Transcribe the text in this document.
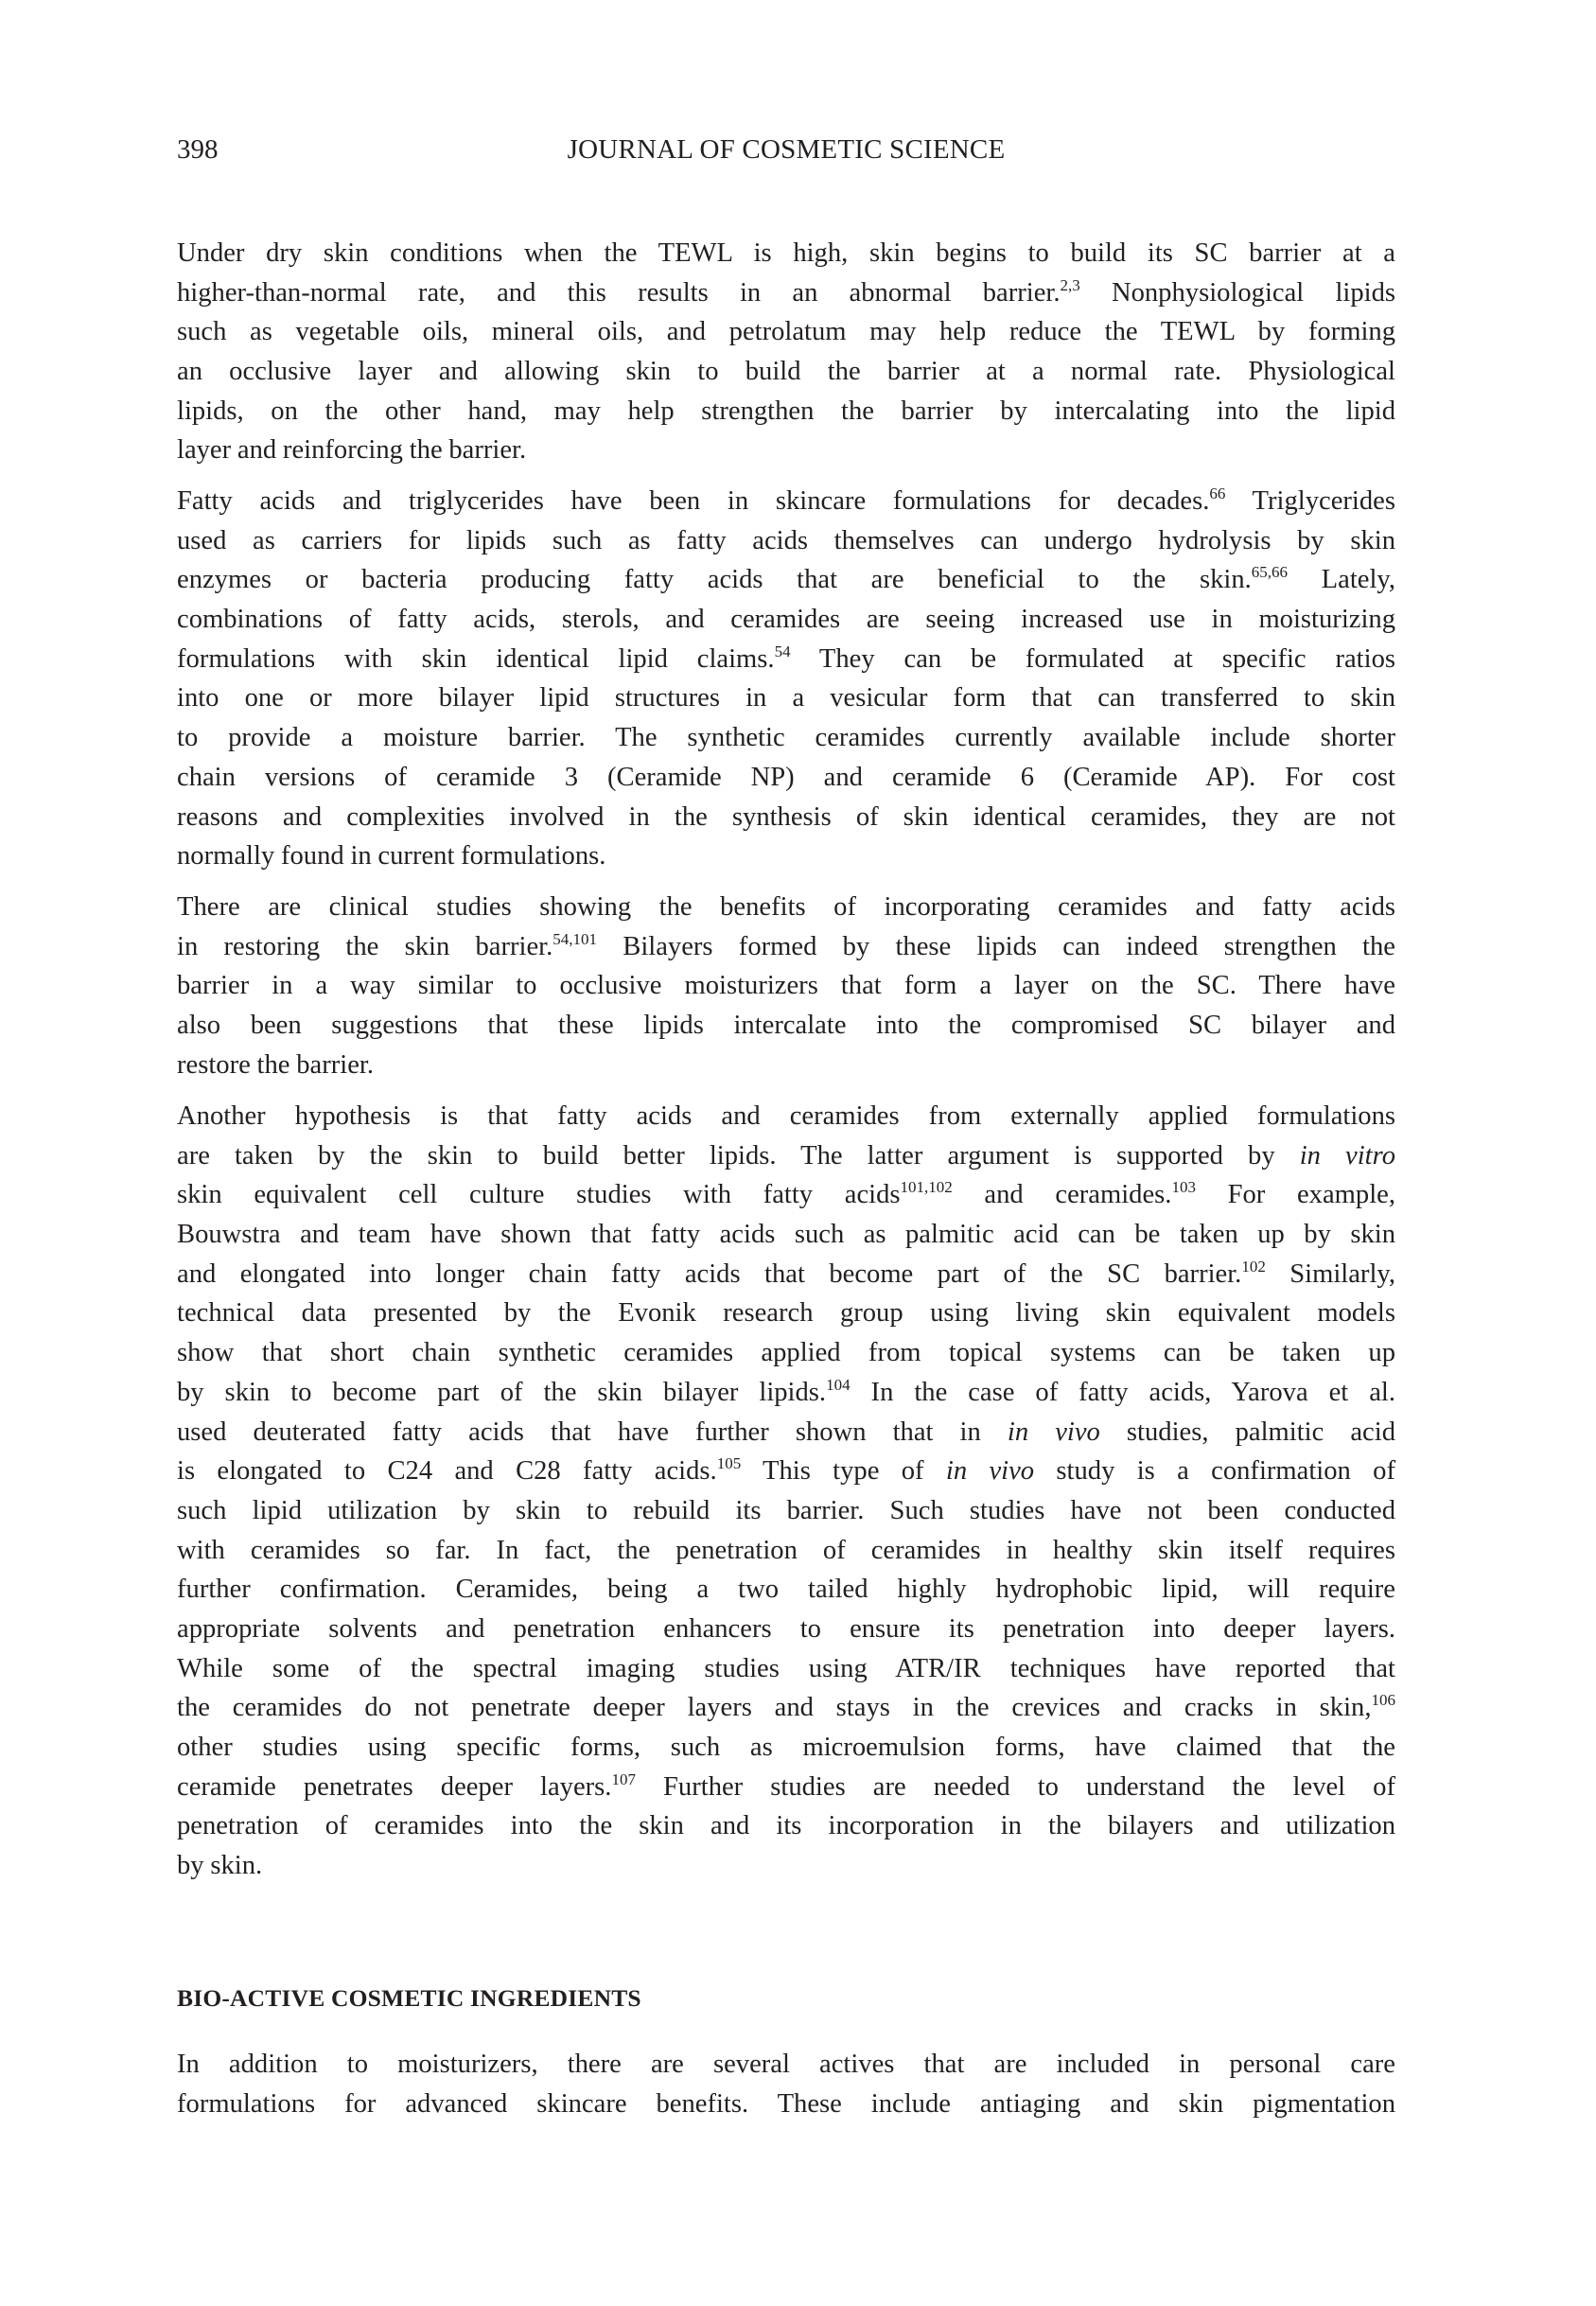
398	JOURNAL OF COSMETIC SCIENCE
Under dry skin conditions when the TEWL is high, skin begins to build its SC barrier at a
higher-than-normal rate, and this results in an abnormal barrier.$^{2,3}$ Nonphysiological lipids
such as vegetable oils, mineral oils, and petrolatum may help reduce the TEWL by forming
an occlusive layer and allowing skin to build the barrier at a normal rate. Physiological
lipids, on the other hand, may help strengthen the barrier by intercalating into the lipid
layer and reinforcing the barrier.
Fatty acids and triglycerides have been in skincare formulations for decades.$^{66}$ Triglycerides
used as carriers for lipids such as fatty acids themselves can undergo hydrolysis by skin
enzymes or bacteria producing fatty acids that are beneficial to the skin.$^{65,66}$ Lately,
combinations of fatty acids, sterols, and ceramides are seeing increased use in moisturizing
formulations with skin identical lipid claims.$^{54}$ They can be formulated at specific ratios
into one or more bilayer lipid structures in a vesicular form that can transferred to skin
to provide a moisture barrier. The synthetic ceramides currently available include shorter
chain versions of ceramide 3 (Ceramide NP) and ceramide 6 (Ceramide AP). For cost
reasons and complexities involved in the synthesis of skin identical ceramides, they are not
normally found in current formulations.
There are clinical studies showing the benefits of incorporating ceramides and fatty acids
in restoring the skin barrier.$^{54,101}$ Bilayers formed by these lipids can indeed strengthen the
barrier in a way similar to occlusive moisturizers that form a layer on the SC. There have
also been suggestions that these lipids intercalate into the compromised SC bilayer and
restore the barrier.
Another hypothesis is that fatty acids and ceramides from externally applied formulations
are taken by the skin to build better lipids. The latter argument is supported by in vitro
skin equivalent cell culture studies with fatty acids$^{101,102}$ and ceramides.$^{103}$ For example,
Bouwstra and team have shown that fatty acids such as palmitic acid can be taken up by skin
and elongated into longer chain fatty acids that become part of the SC barrier.$^{102}$ Similarly,
technical data presented by the Evonik research group using living skin equivalent models
show that short chain synthetic ceramides applied from topical systems can be taken up
by skin to become part of the skin bilayer lipids.$^{104}$ In the case of fatty acids, Yarova et al.
used deuterated fatty acids that have further shown that in in vivo studies, palmitic acid
is elongated to C24 and C28 fatty acids.$^{105}$ This type of in vivo study is a confirmation of
such lipid utilization by skin to rebuild its barrier. Such studies have not been conducted
with ceramides so far. In fact, the penetration of ceramides in healthy skin itself requires
further confirmation. Ceramides, being a two tailed highly hydrophobic lipid, will require
appropriate solvents and penetration enhancers to ensure its penetration into deeper layers.
While some of the spectral imaging studies using ATR/IR techniques have reported that
the ceramides do not penetrate deeper layers and stays in the crevices and cracks in skin,$^{106}$
other studies using specific forms, such as microemulsion forms, have claimed that the
ceramide penetrates deeper layers.$^{107}$ Further studies are needed to understand the level of
penetration of ceramides into the skin and its incorporation in the bilayers and utilization
by skin.
BIO-ACTIVE COSMETIC INGREDIENTS
In addition to moisturizers, there are several actives that are included in personal care
formulations for advanced skincare benefits. These include antiaging and skin pigmentation
